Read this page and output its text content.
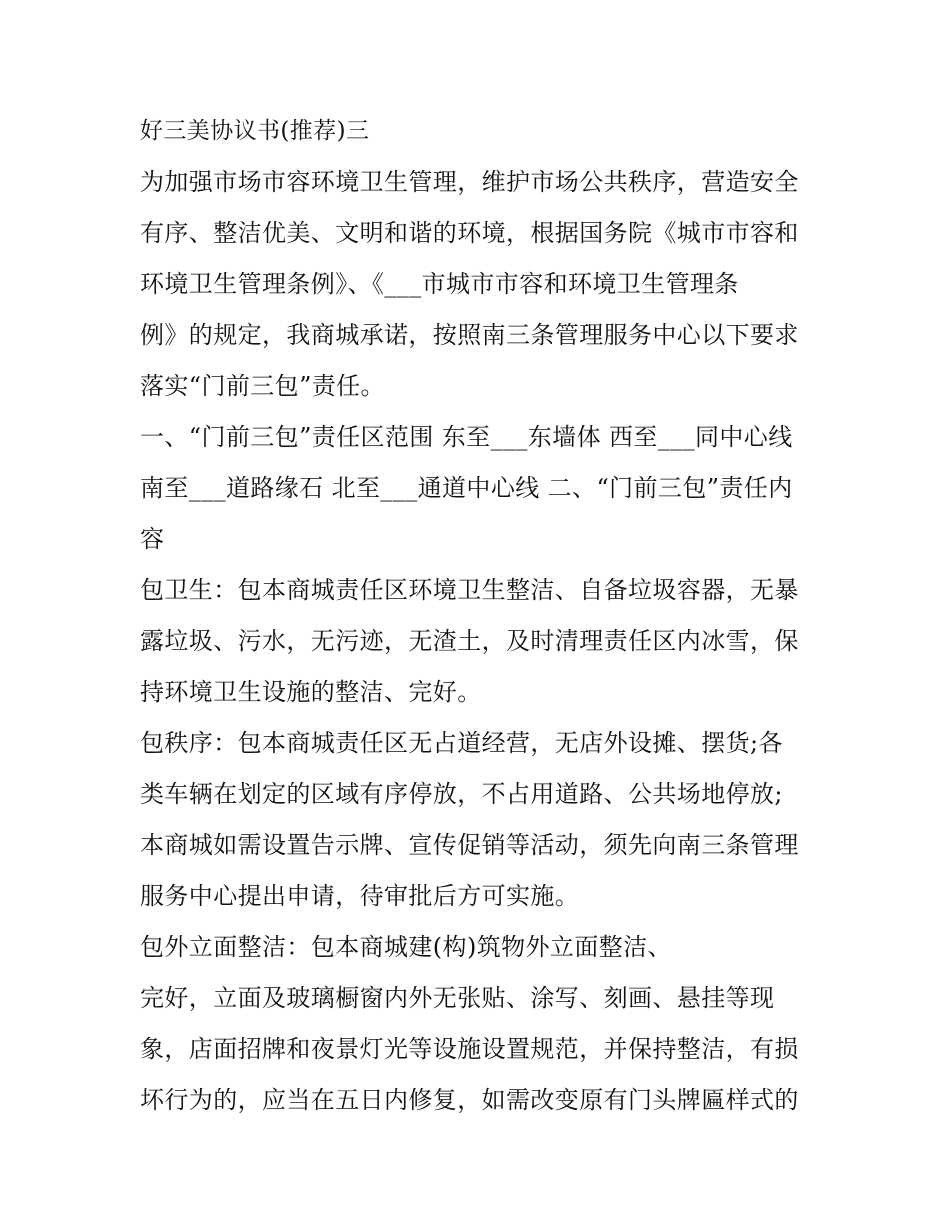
好三美协议书(推荐)三
为加强市场市容环境卫生管理，维护市场公共秩序，营造安全
有序、整洁优美、文明和谐的环境，根据国务院《城市市容和
环境卫生管理条例》、《___市城市市容和环境卫生管理条
例》的规定，我商城承诺，按照南三条管理服务中心以下要求
落实“门前三包”责任。
一、“门前三包”责任区范围 东至___东墙体 西至___同中心线
南至___道路缘石 北至___通道中心线 二、“门前三包”责任内
容
包卫生：包本商城责任区环境卫生整洁、自备垃圾容器，无暴
露垃圾、污水，无污迹，无渣土，及时清理责任区内冰雪，保
持环境卫生设施的整洁、完好。
包秩序：包本商城责任区无占道经营，无店外设摊、摆货;各
类车辆在划定的区域有序停放，不占用道路、公共场地停放;
本商城如需设置告示牌、宣传促销等活动，须先向南三条管理
服务中心提出申请，待审批后方可实施。
包外立面整洁：包本商城建(构)筑物外立面整洁、
完好，立面及玻璃橱窗内外无张贴、涂写、刻画、悬挂等现
象，店面招牌和夜景灯光等设施设置规范，并保持整洁，有损
坏行为的，应当在五日内修复，如需改变原有门头牌匾样式的
